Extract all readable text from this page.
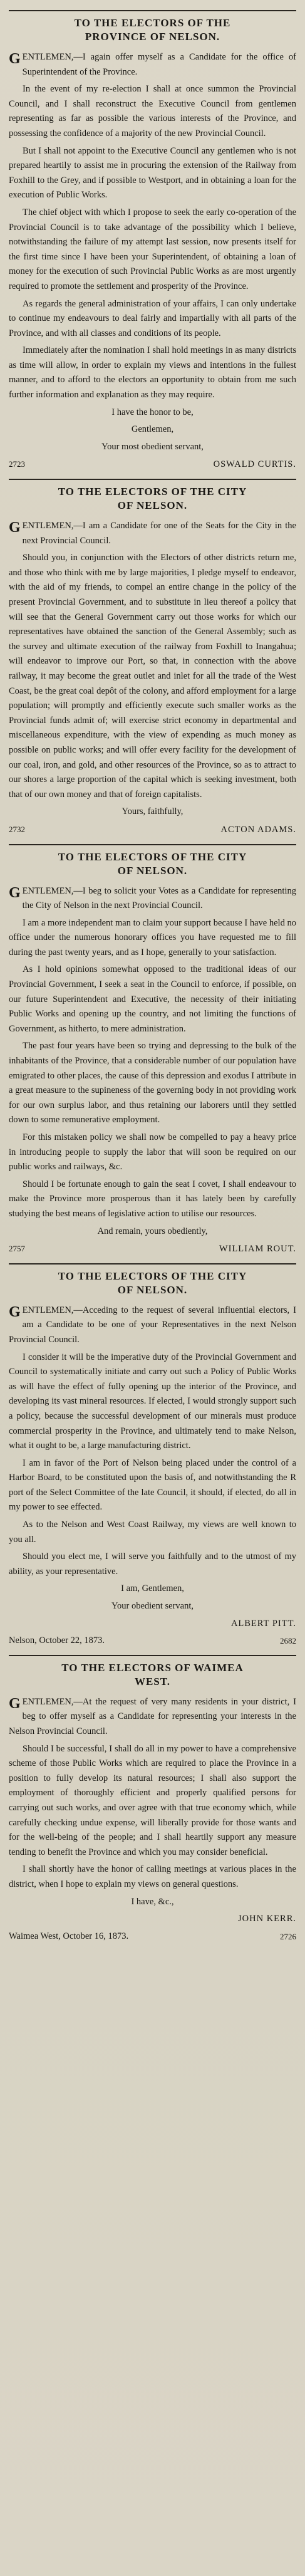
TO THE ELECTORS OF THE
PROVINCE OF NELSON.

GENTLEMEN,—I again offer myself as a Candidate for the office of Superintendent of the Province.

In the event of my re-election I shall at once summon the Provincial Council, and I shall reconstruct the Executive Council from gentlemen representing as far as possible the various interests of the Province, and possessing the confidence of a majority of the new Provincial Council.

But I shall not appoint to the Executive Council any gentlemen who is not prepared heartily to assist me in procuring the extension of the Railway from Foxhill to the Grey, and if possible to Westport, and in obtaining a loan for the execution of Public Works.

The chief object with which I propose to seek the early co-operation of the Provincial Council is to take advantage of the possibility which I believe, notwithstanding the failure of my attempt last session, now presents itself for the first time since I have been your Superintendent, of obtaining a loan of money for the execution of such Provincial Public Works as are most urgently required to promote the settlement and prosperity of the Province.

As regards the general administration of your affairs, I can only undertake to continue my endeavours to deal fairly and impartially with all parts of the Province, and with all classes and conditions of its people.

Immediately after the nomination I shall hold meetings in as many districts as time will allow, in order to explain my views and intentions in the fullest manner, and to afford to the electors an opportunity to obtain from me such further information and explanation as they may require.

I have the honor to be,

Gentlemen,

Your most obedient servant,

2723	OSWALD CURTIS.
TO THE ELECTORS OF THE CITY
OF NELSON.

GENTLEMEN,—I am a Candidate for one of the Seats for the City in the next Provincial Council.

Should you, in conjunction with the Electors of other districts return me, and those who think with me by large majorities, I pledge myself to endeavor, with the aid of my friends, to compel an entire change in the policy of the present Provincial Government, and to substitute in lieu thereof a policy that will see that the General Government carry out those works for which our representatives have obtained the sanction of the General Assembly; such as the survey and ultimate execution of the railway from Foxhill to Inangahua; will endeavor to improve our Port, so that, in connection with the above railway, it may become the great outlet and inlet for all the trade of the West Coast, be the great coal depôt of the colony, and afford employment for a large population; will promptly and efficiently execute such smaller works as the Provincial funds admit of; will exercise strict economy in departmental and miscellaneous expenditure, with the view of expending as much money as possible on public works; and will offer every facility for the development of our coal, iron, and gold, and other resources of the Province, so as to attract to our shores a large proportion of the capital which is seeking investment, both that of our own money and that of foreign capitalists.

Yours, faithfully,

2732	ACTON ADAMS.
TO THE ELECTORS OF THE CITY
OF NELSON.

GENTLEMEN,—I beg to solicit your Votes as a Candidate for representing the City of Nelson in the next Provincial Council.

I am a more independent man to claim your support because I have held no office under the numerous honorary offices you have requested me to fill during the past twenty years, and as I hope, generally to your satisfaction.

As I hold opinions somewhat opposed to the traditional ideas of our Provincial Government, I seek a seat in the Council to enforce, if possible, on our future Superintendent and Executive, the necessity of their initiating Public Works and opening up the country, and not limiting the functions of Government, as hitherto, to mere administration.

The past four years have been so trying and depressing to the bulk of the inhabitants of the Province, that a considerable number of our population have emigrated to other places, the cause of this depression and exodus I attribute in a great measure to the supineness of the governing body in not providing work for our own surplus labor, and thus retaining our laborers until they settled down to some remunerative employment.

For this mistaken policy we shall now be compelled to pay a heavy price in introducing people to supply the labor that will soon be required on our public works and railways, &c.

Should I be fortunate enough to gain the seat I covet, I shall endeavour to make the Province more prosperous than it has lately been by carefully studying the best means of legislative action to utilise our resources.

And remain, yours obediently,

2757	WILLIAM ROUT.
TO THE ELECTORS OF THE CITY
OF NELSON.

GENTLEMEN,—Acceding to the request of several influential electors, I am a Candidate to be one of your Representatives in the next Nelson Provincial Council.

I consider it will be the imperative duty of the Provincial Government and Council to systematically initiate and carry out such a Policy of Public Works as will have the effect of fully opening up the interior of the Province, and developing its vast mineral resources. If elected, I would strongly support such a policy, because the successful development of our minerals must produce commercial prosperity in the Province, and ultimately tend to make Nelson, what it ought to be, a large manufacturing district.

I am in favor of the Port of Nelson being placed under the control of a Harbor Board, to be constituted upon the basis of, and notwithstanding the R port of the Select Committee of the late Council, it should, if elected, do all in my power to see effected.

As to the Nelson and West Coast Railway, my views are well known to you all.

Should you elect me, I will serve you faithfully and to the utmost of my ability, as your representative.

I am, Gentlemen,

Your obedient servant,

ALBERT PITT.
Nelson, October 22, 1873.	2682
TO THE ELECTORS OF WAIMEA
WEST.

GENTLEMEN,—At the request of very many residents in your district, I beg to offer myself as a Candidate for representing your interests in the Nelson Provincial Council.

Should I be successful, I shall do all in my power to have a comprehensive scheme of those Public Works which are required to place the Province in a position to fully develop its natural resources; I shall also support the employment of thoroughly efficient and properly qualified persons for carrying out such works, and over agree with that true economy which, while carefully checking undue expense, will liberally provide for those wants and for the well-being of the people; and I shall heartily support any measure tending to benefit the Province and which you may consider beneficial.

I shall shortly have the honor of calling meetings at various places in the district, when I hope to explain my views on general questions.

I have, &c.,

JOHN KERR.
Waimea West, October 16, 1873.	2726
